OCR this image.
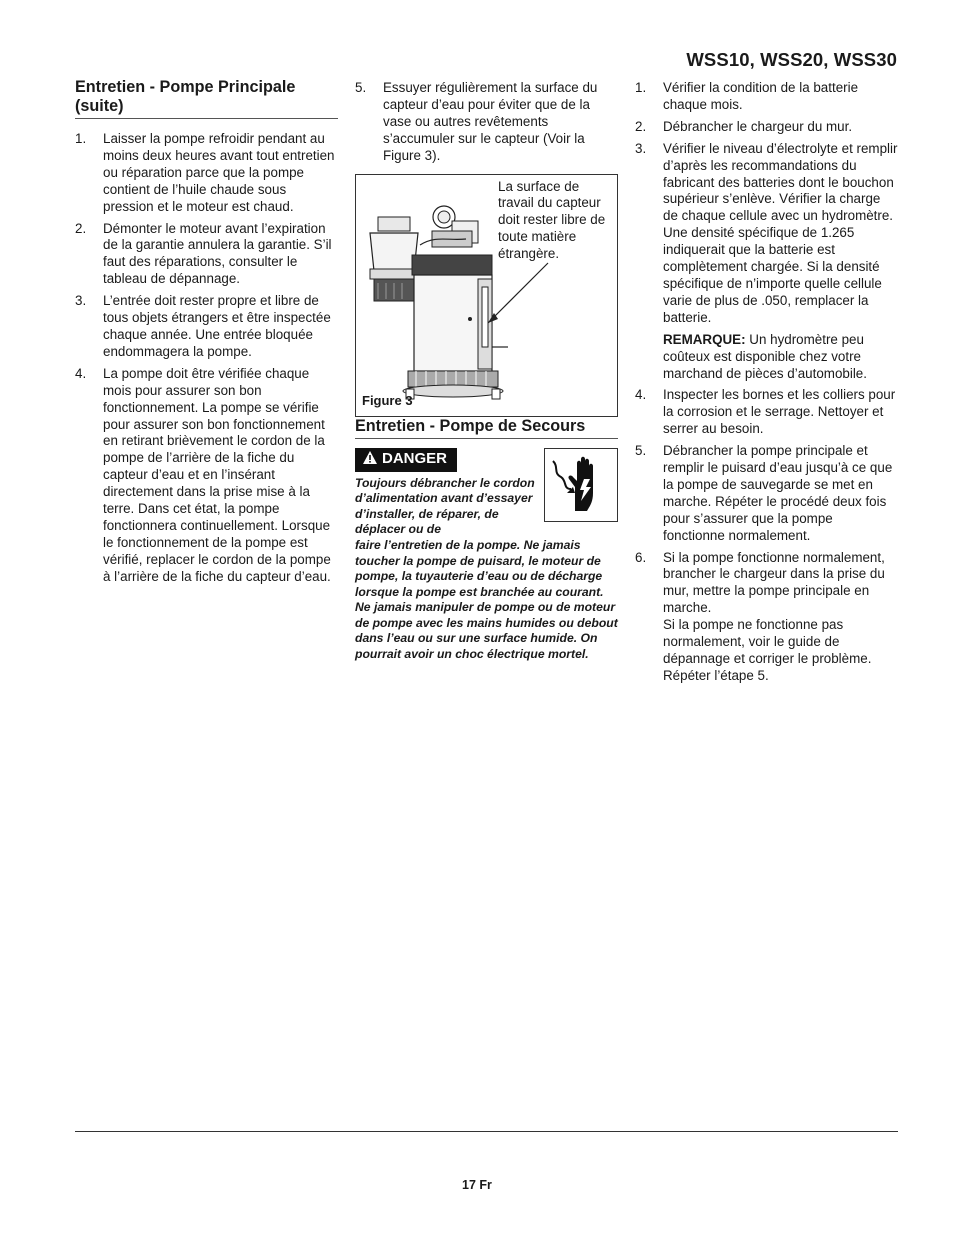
WSS10, WSS20, WSS30
Entretien - Pompe Principale (suite)
1. Laisser la pompe refroidir pendant au moins deux heures avant tout entretien ou réparation parce que la pompe contient de l’huile chaude sous pression et le moteur est chaud.
2. Démonter le moteur avant l’expiration de la garantie annulera la garantie. S’il faut des réparations, consulter le tableau de dépannage.
3. L’entrée doit rester propre et libre de tous objets étrangers et être inspectée chaque année. Une entrée bloquée endommagera la pompe.
4. La pompe doit être vérifiée chaque mois pour assurer son bon fonctionnement. La pompe se vérifie pour assurer son bon fonctionnement en retirant brièvement le cordon de la pompe de l’arrière de la fiche du capteur d’eau et en l’insérant directement dans la prise mise à la terre. Dans cet état, la pompe fonctionnera continuellement. Lorsque le fonctionnement de la pompe est vérifié, replacer le cordon de la pompe à l’arrière de la fiche du capteur d’eau.
5. Essuyer régulièrement la surface du capteur d’eau pour éviter que de la vase ou autres revêtements s’accumuler sur le capteur (Voir la Figure 3).
La surface de travail du capteur doit rester libre de toute matière étrangère.
Figure 3
Entretien - Pompe de Secours
DANGER
Toujours débrancher le cordon d’alimentation avant d’essayer d’installer, de réparer, de déplacer ou de
faire l’entretien de la pompe. Ne jamais toucher la pompe de puisard, le moteur de pompe, la tuyauterie d’eau ou de décharge lorsque la pompe est branchée au courant. Ne jamais manipuler de pompe ou de moteur de pompe avec les mains humides ou debout dans l’eau ou sur une surface humide. On pourrait avoir un choc électrique mortel.
1. Vérifier la condition de la batterie chaque mois.
2. Débrancher le chargeur du mur.
3. Vérifier le niveau d’électrolyte et remplir d’après les recommandations du fabricant des batteries dont le bouchon supérieur s’enlève. Vérifier la charge de chaque cellule avec un hydromètre. Une densité spécifique de 1.265 indiquerait que la batterie est complètement chargée. Si la densité spécifique de n’importe quelle cellule varie de plus de .050, remplacer la batterie.
REMARQUE: Un hydromètre peu coûteux est disponible chez votre marchand de pièces d’automobile.
4. Inspecter les bornes et les colliers pour la corrosion et le serrage. Nettoyer et serrer au besoin.
5. Débrancher la pompe principale et remplir le puisard d’eau jusqu’à ce que la pompe de sauvegarde se met en marche. Répéter le procédé deux fois pour s’assurer que la pompe fonctionne normalement.
6. Si la pompe fonctionne normalement, brancher le chargeur dans la prise du mur, mettre la pompe principale en marche.
Si la pompe ne fonctionne pas normalement, voir le guide de dépannage et corriger le problème. Répéter l’étape 5.
17 Fr
